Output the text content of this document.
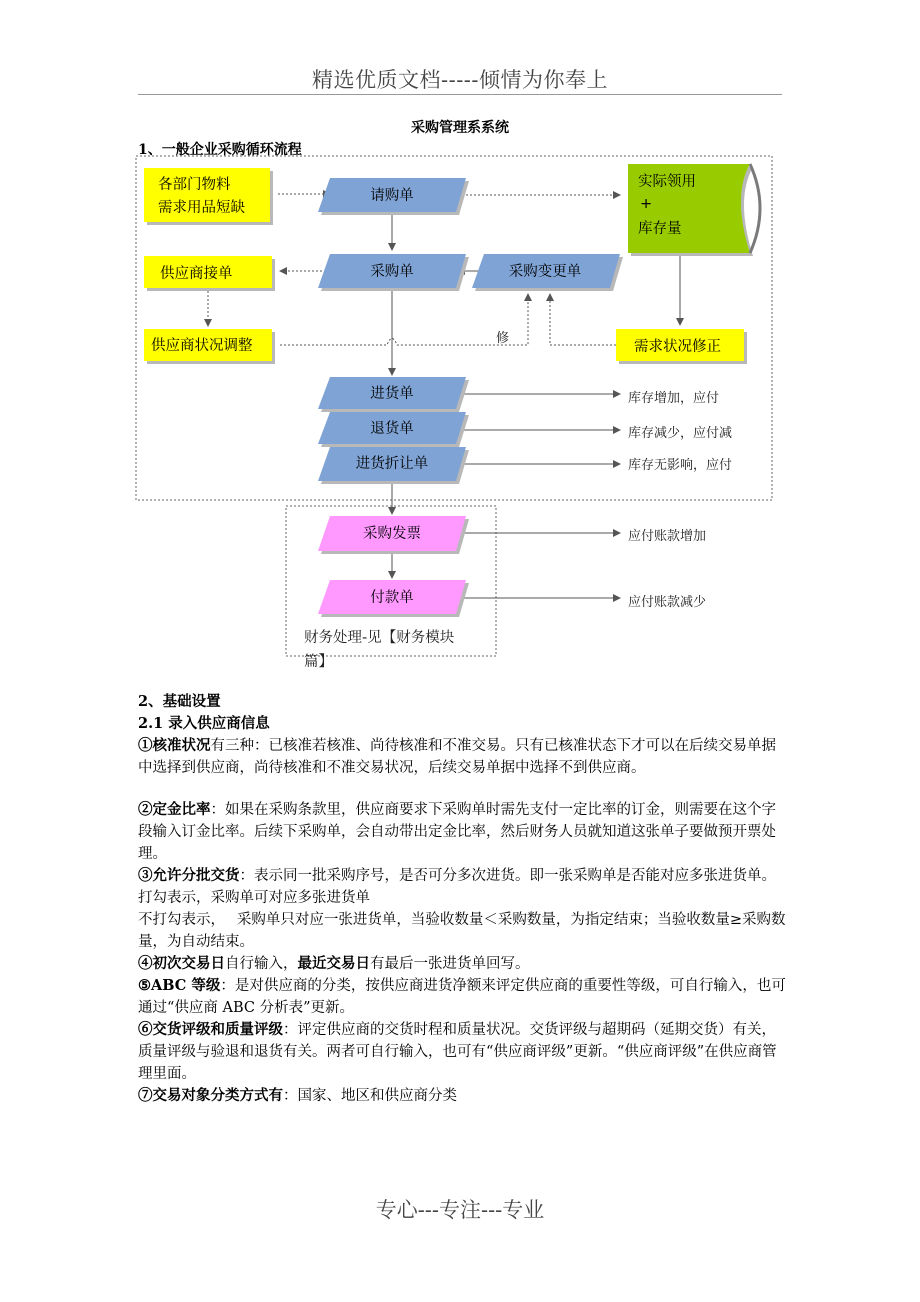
精选优质文档-----倾情为你奉上
采购管理系系统
1、一般企业采购循环流程
各部门物料
需求用品短缺
供应商接单
供应商状况调整	需求状况修正
实际领用
+
库存量
请购单
采购单	采购变更单
修
进货单
退货单
进货折让单
采购发票
付款单
库存增加，应付
库存减少，应付减
库存无影响，应付
应付账款增加
应付账款减少
财务处理-见【财务模块
篇】

2、基础设置

2.1 录入供应商信息

①核准状况有三种：已核准若核准、尚待核准和不准交易。只有已核准状态下才可以在后续交易单据中选择到供应商，尚待核准和不准交易状况，后续交易单据中选择不到供应商。

②定金比率：如果在采购条款里，供应商要求下采购单时需先支付一定比率的订金，则需要在这个字段输入订金比率。后续下采购单，会自动带出定金比率，然后财务人员就知道这张单子要做预开票处理。

③允许分批交货：表示同一批采购序号，是否可分多次进货。即一张采购单是否能对应多张进货单。

打勾表示，采购单可对应多张进货单

不打勾表示，　 采购单只对应一张进货单，当验收数量＜采购数量，为指定结束；当验收数量≥采购数量，为自动结束。

④初次交易日自行输入，最近交易日有最后一张进货单回写。

⑤ABC 等级：是对供应商的分类，按供应商进货净额来评定供应商的重要性等级，可自行输入，也可通过“供应商 ABC 分析表”更新。

⑥交货评级和质量评级：评定供应商的交货时程和质量状况。交货评级与超期码（延期交货）有关，质量评级与验退和退货有关。两者可自行输入，也可有“供应商评级”更新。“供应商评级”在供应商管理里面。

⑦交易对象分类方式有：国家、地区和供应商分类

专心---专注---专业
